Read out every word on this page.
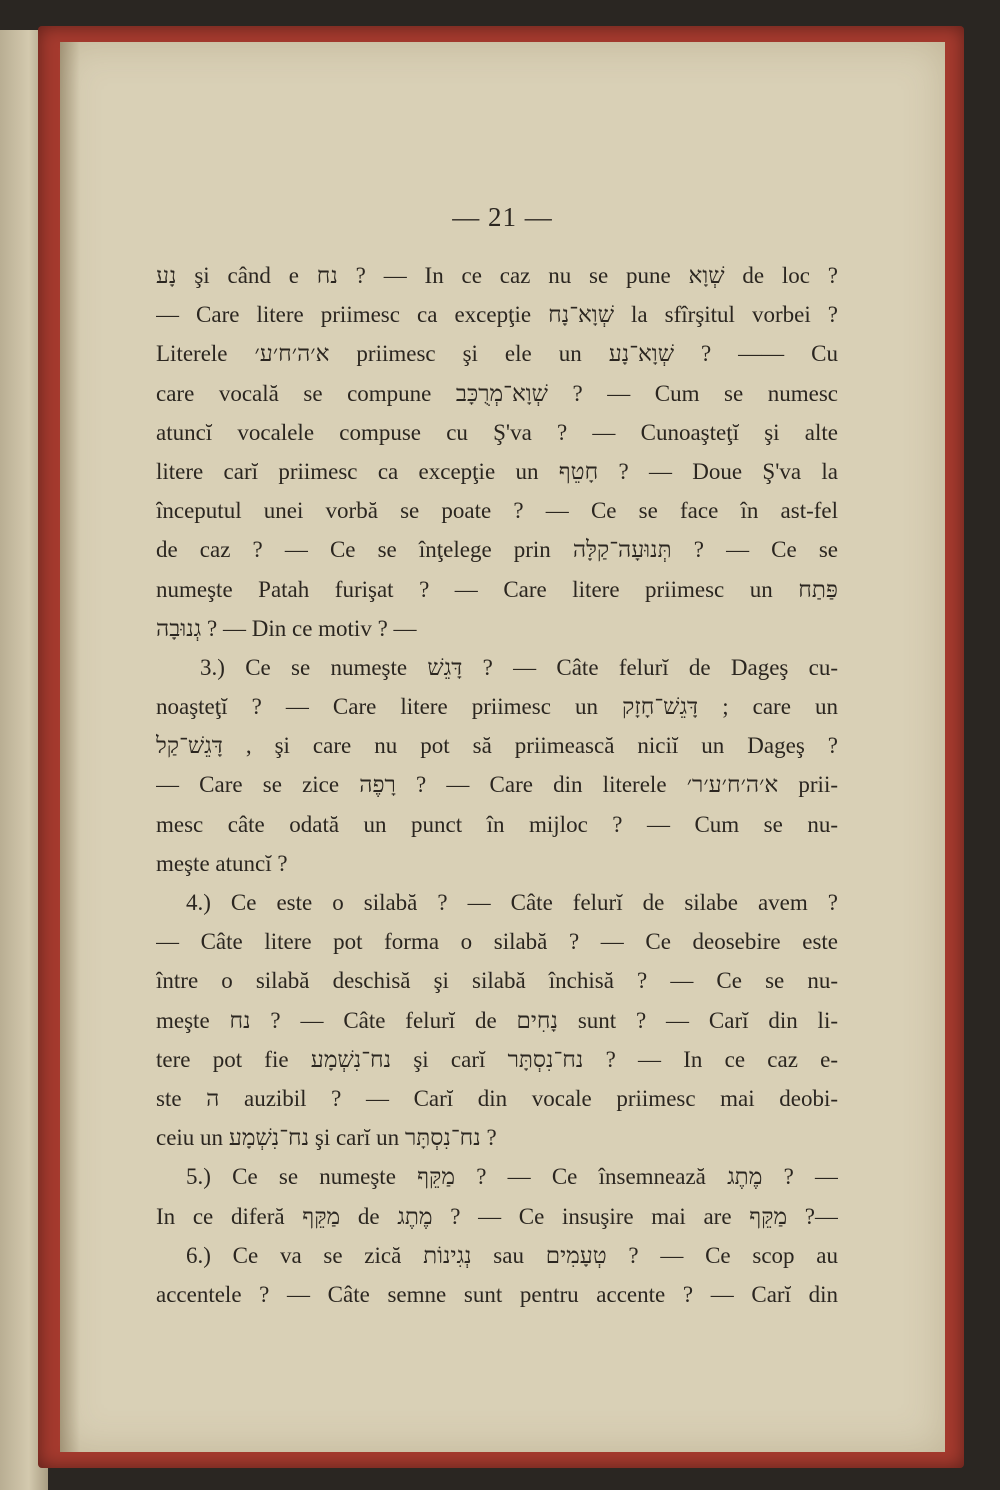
— 21 —
נָע şi când e נח ? — In ce caz nu se pune שְׁוָא de loc ?
— Care litere priimesc ca excepţie שְׁוָא־נָח la sfîrşitul vorbei ?
Literele א׳ה׳ח׳ע׳ priimesc şi ele un שְׁוָא־נָע ? —— Cu
care vocală se compune שְׁוָא־מְרֻכָּב ? — Cum se numesc
atuncĭ vocalele compuse cu Ş'va ? — Cunoaşteţĭ şi alte
litere carĭ priimesc ca excepţie un חָטֵף ? — Doue Ş'va la
începutul unei vorbă se poate ? — Ce se face în ast-fel
de caz ? — Ce se înţelege prin תְּנוּעָה־קַלָּה ? — Ce se
numeşte Patah furişat ? — Care litere priimesc un פַּתַח
גְנוּבָה ? — Din ce motiv ? —
3.) Ce se numeşte דָּגֵשׁ ? — Câte felurĭ de Dageş cu-
noaşteţĭ ? — Care litere priimesc un דָּגֵשׁ־חָזָק ; care un
דָּגֵשׁ־קַל , şi care nu pot să priimească niciĭ un Dageş ?
— Care se zice רָפֶה ? — Care din literele א׳ה׳ח׳ע׳ר׳ prii-
mesc câte odată un punct în mijloc ? — Cum se nu-
meşte atuncĭ ?
4.) Ce este o silabă ? — Câte felurĭ de silabe avem ?
— Câte litere pot forma o silabă ? — Ce deosebire este
între o silabă deschisă şi silabă închisă ? — Ce se nu-
meşte נח ? — Câte felurĭ de נָחִים sunt ? — Carĭ din li-
tere pot fie נח־נִשְׁמָע şi carĭ נח־נִסְתָּר ? — In ce caz e-
ste ה auzibil ? — Carĭ din vocale priimesc mai deobi-
ceiu un נח־נִשְׁמָע şi carĭ un נח־נִסְתָּר ?
5.) Ce se numeşte מַקֵּף ? — Ce însemnează מֶתֶג ? —
In ce diferă מַקֵּף de מֶתֶג ? — Ce insuşire mai are מַקֵּף ?—
6.) Ce va se zică נְגִינוֹת sau טְעָמִים ? — Ce scop au
accentele ? — Câte semne sunt pentru accente ? — Carĭ din
